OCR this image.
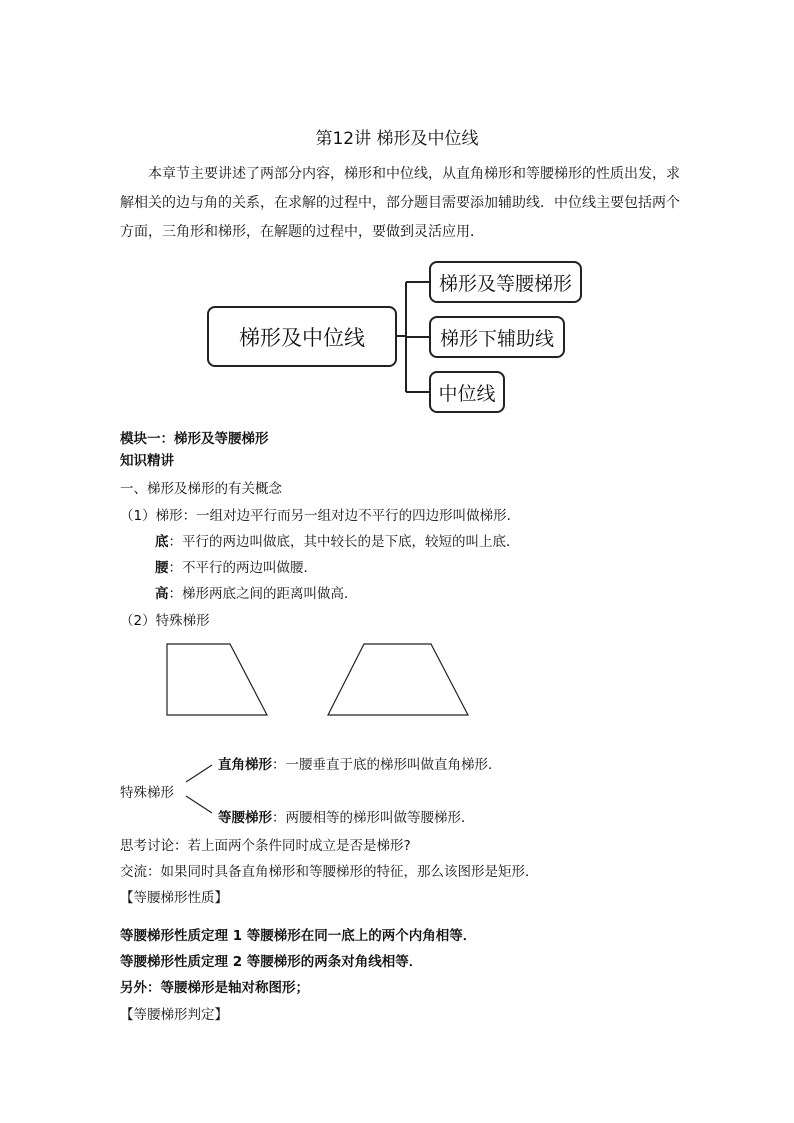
第12讲 梯形及中位线

本章节主要讲述了两部分内容，梯形和中位线，从直角梯形和等腰梯形的性质出发，求解相关的边与角的关系，在求解的过程中，部分题目需要添加辅助线．中位线主要包括两个方面，三角形和梯形，在解题的过程中，要做到灵活应用．

梯形及中位线
梯形及等腰梯形
梯形下辅助线
中位线

模块一：梯形及等腰梯形

知识精讲

一、梯形及梯形的有关概念

（1）梯形：一组对边平行而另一组对边不平行的四边形叫做梯形．

底：平行的两边叫做底，其中较长的是下底，较短的叫上底．

腰：不平行的两边叫做腰．

高：梯形两底之间的距离叫做高．

（2）特殊梯形

特殊梯形

直角梯形：一腰垂直于底的梯形叫做直角梯形．

等腰梯形：两腰相等的梯形叫做等腰梯形．

思考讨论：若上面两个条件同时成立是否是梯形?

交流：如果同时具备直角梯形和等腰梯形的特征，那么该图形是矩形．

【等腰梯形性质】

等腰梯形性质定理 1 等腰梯形在同一底上的两个内角相等．

等腰梯形性质定理 2 等腰梯形的两条对角线相等．

另外：等腰梯形是轴对称图形；

【等腰梯形判定】
